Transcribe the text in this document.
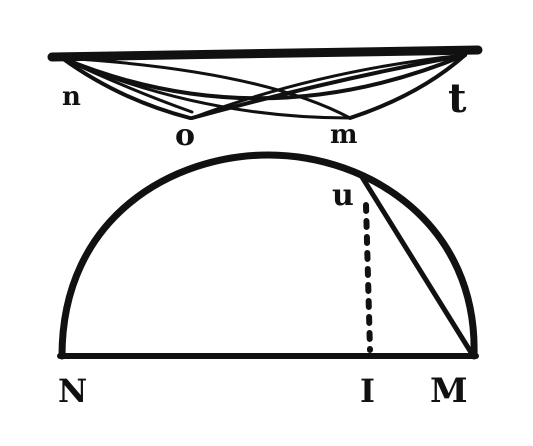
n	t
o	m
u
N	I M
